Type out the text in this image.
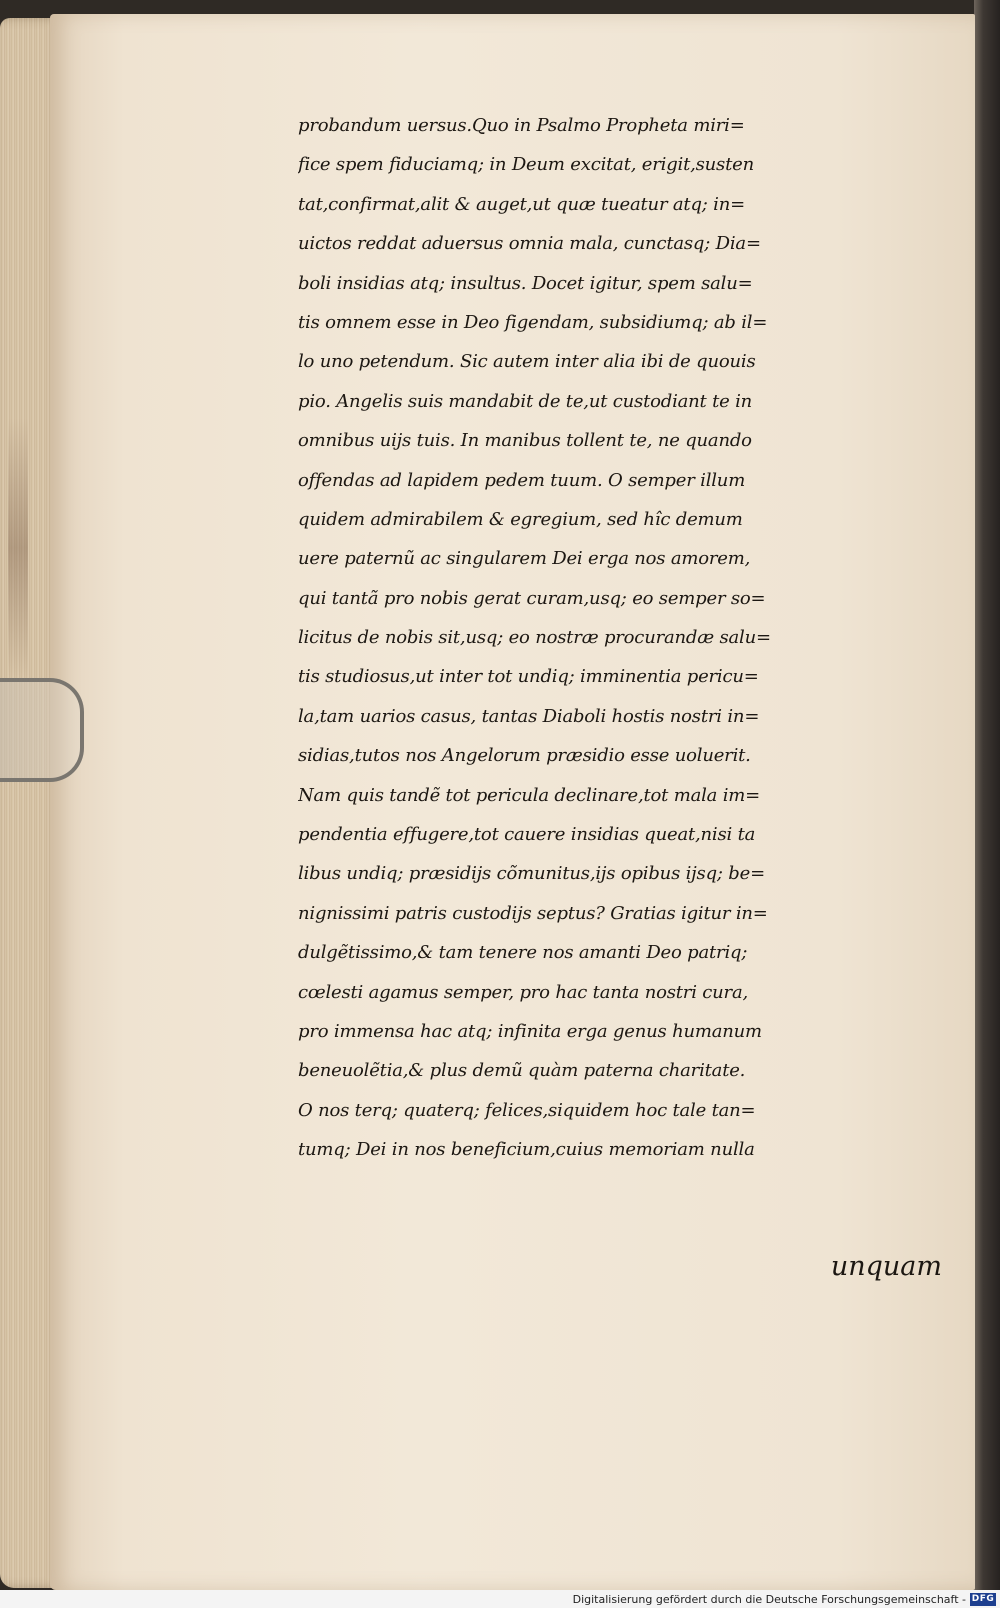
probandum uersus.Quo in Psalmo Propheta miri=
fice spem fiduciamq; in Deum excitat, erigit,susten
tat,confirmat,alit & auget,ut quæ tueatur atq; in=
uictos reddat aduersus omnia mala, cunctasq; Dia=
boli insidias atq; insultus. Docet igitur, spem salu=
tis omnem esse in Deo figendam, subsidiumq; ab il=
lo uno petendum. Sic autem inter alia ibi de quouis
pio. Angelis suis mandabit de te,ut custodiant te in
omnibus uijs tuis. In manibus tollent te, ne quando
offendas ad lapidem pedem tuum. O semper illum
quidem admirabilem & egregium, sed hîc demum
uere paternũ ac singularem Dei erga nos amorem,
qui tantã pro nobis gerat curam,usq; eo semper so=
licitus de nobis sit,usq; eo nostræ procurandæ salu=
tis studiosus,ut inter tot undiq; imminentia pericu=
la,tam uarios casus, tantas Diaboli hostis nostri in=
sidias,tutos nos Angelorum præsidio esse uoluerit.
Nam quis tandẽ tot pericula declinare,tot mala im=
pendentia effugere,tot cauere insidias queat,nisi ta
libus undiq; præsidijs cõmunitus,ijs opibus ijsq; be=
nignissimi patris custodijs septus? Gratias igitur in=
dulgẽtissimo,& tam tenere nos amanti Deo patriq;
cœlesti agamus semper, pro hac tanta nostri cura,
pro immensa hac atq; infinita erga genus humanum
beneuolẽtia,& plus demũ quàm paterna charitate.
O nos terq; quaterq; felices,siquidem hoc tale tan=
tumq; Dei in nos beneficium,cuius memoriam nulla
unquam
Digitalisierung gefördert durch die Deutsche Forschungsgemeinschaft - DFG
